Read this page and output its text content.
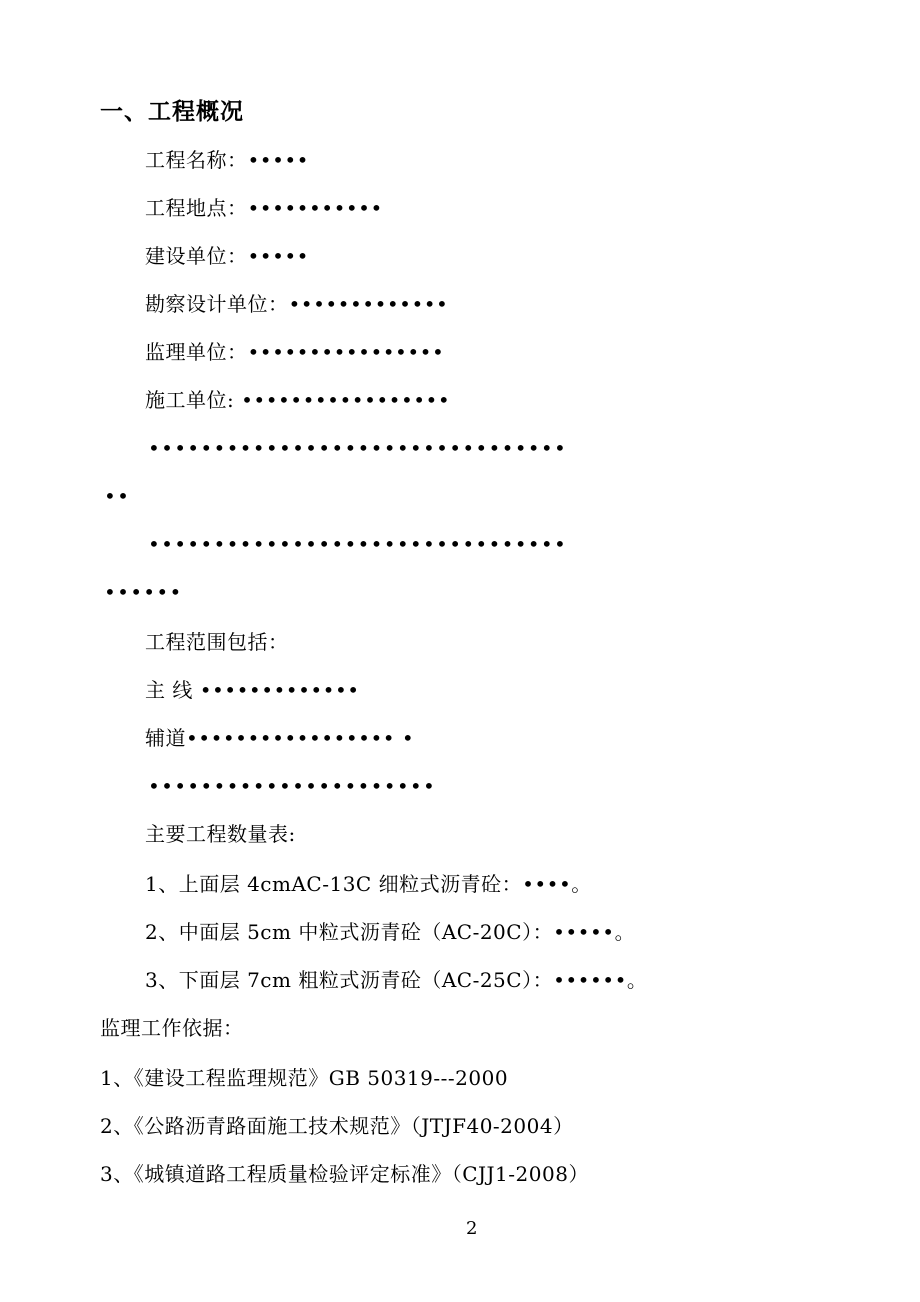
一、工程概况
工程名称：•••••
工程地点：•••••••••••
建设单位：•••••
勘察设计单位：•••••••••••••
监理单位：••••••••••••••••
施工单位: •••••••••••••••••
••••••••••••••••••••••••••••••••
••
••••••••••••••••••••••••••••••••
••••••
工程范围包括：
主 线 •••••••••••••
辅道••••••••••••••••• •
••••••••••••••••••••••
主要工程数量表:
1、上面层 4cmAC-13C 细粒式沥青砼：••••。
2、中面层 5cm 中粒式沥青砼（AC-20C）：•••••。
3、下面层 7cm 粗粒式沥青砼（AC-25C）：••••••。
监理工作依据：
1、《建设工程监理规范》GB 50319---2000
2、《公路沥青路面施工技术规范》（JTJF40-2004）
3、《城镇道路工程质量检验评定标准》（CJJ1-2008）
2
